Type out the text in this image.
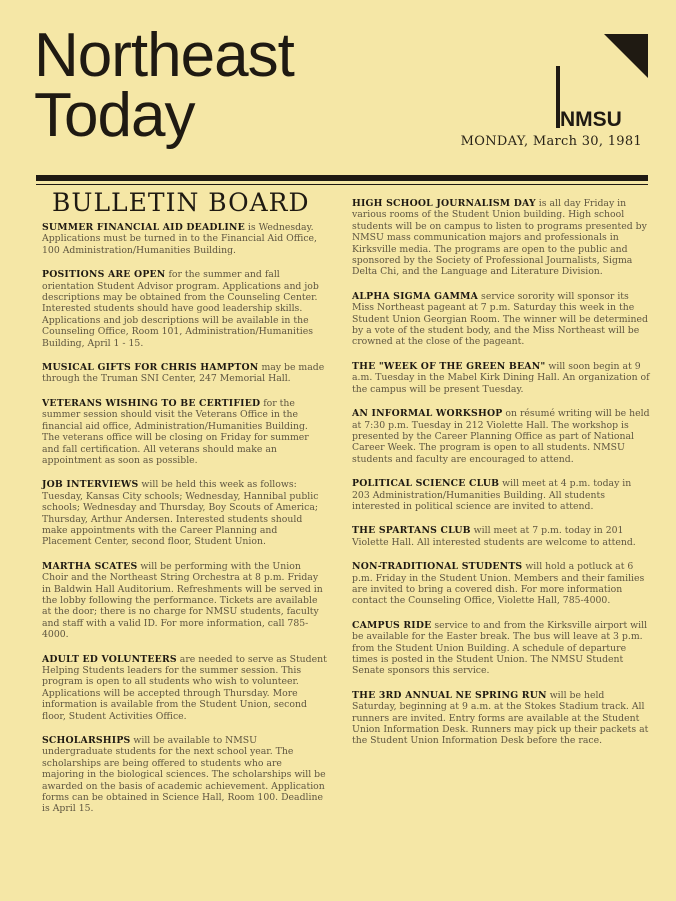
Northeast
Today	NMSU
MONDAY, March 30, 1981
BULLETIN BOARD

SUMMER FINANCIAL AID DEADLINE is Wednesday. Applications must be turned in to the Financial Aid Office, 100 Administration/Humanities Building.

POSITIONS ARE OPEN for the summer and fall orientation Student Advisor program. Applications and job descriptions may be obtained from the Counseling Center. Interested students should have good leadership skills. Applications and job descriptions will be available in the Counseling Office, Room 101, Administration/Humanities Building, April 1 - 15.

MUSICAL GIFTS FOR CHRIS HAMPTON may be made through the Truman SNI Center, 247 Memorial Hall.

VETERANS WISHING TO BE CERTIFIED for the summer session should visit the Veterans Office in the financial aid office, Administration/Humanities Building. The veterans office will be closing on Friday for summer and fall certification. All veterans should make an appointment as soon as possible.

JOB INTERVIEWS will be held this week as follows: Tuesday, Kansas City schools; Wednesday, Hannibal public schools; Wednesday and Thursday, Boy Scouts of America; Thursday, Arthur Andersen. Interested students should make appointments with the Career Planning and Placement Center, second floor, Student Union.

MARTHA SCATES will be performing with the Union Choir and the Northeast String Orchestra at 8 p.m. Friday in Baldwin Hall Auditorium. Refreshments will be served in the lobby following the performance. Tickets are available at the door; there is no charge for NMSU students, faculty and staff with a valid ID. For more information, call 785-4000.

ADULT ED VOLUNTEERS are needed to serve as Student Helping Students leaders for the summer session. This program is open to all students who wish to volunteer. Applications will be accepted through Thursday. More information is available from the Student Union, second floor, Student Activities Office.

SCHOLARSHIPS will be available to NMSU undergraduate students for the next school year. The scholarships are being offered to students who are majoring in the biological sciences. The scholarships will be awarded on the basis of academic achievement. Application forms can be obtained in Science Hall, Room 100. Deadline is April 15.

HIGH SCHOOL JOURNALISM DAY is all day Friday in various rooms of the Student Union building. High school students will be on campus to listen to programs presented by NMSU mass communication majors and professionals in Kirksville media. The programs are open to the public and sponsored by the Society of Professional Journalists, Sigma Delta Chi, and the Language and Literature Division.

ALPHA SIGMA GAMMA service sorority will sponsor its Miss Northeast pageant at 7 p.m. Saturday this week in the Student Union Georgian Room. The winner will be determined by a vote of the student body, and the Miss Northeast will be crowned at the close of the pageant.

THE "WEEK OF THE GREEN BEAN" will soon begin at 9 a.m. Tuesday in the Mabel Kirk Dining Hall. An organization of the campus will be present Tuesday.

AN INFORMAL WORKSHOP on résumé writing will be held at 7:30 p.m. Tuesday in 212 Violette Hall. The workshop is presented by the Career Planning Office as part of National Career Week. The program is open to all students. NMSU students and faculty are encouraged to attend.

POLITICAL SCIENCE CLUB will meet at 4 p.m. today in 203 Administration/Humanities Building. All students interested in political science are invited to attend.

THE SPARTANS CLUB will meet at 7 p.m. today in 201 Violette Hall. All interested students are welcome to attend.

NON-TRADITIONAL STUDENTS will hold a potluck at 6 p.m. Friday in the Student Union. Members and their families are invited to bring a covered dish. For more information contact the Counseling Office, Violette Hall, 785-4000.

CAMPUS RIDE service to and from the Kirksville airport will be available for the Easter break. The bus will leave at 3 p.m. from the Student Union Building. A schedule of departure times is posted in the Student Union. The NMSU Student Senate sponsors this service.

THE 3RD ANNUAL NE SPRING RUN will be held Saturday, beginning at 9 a.m. at the Stokes Stadium track. All runners are invited. Entry forms are available at the Student Union Information Desk. Runners may pick up their packets at the Student Union Information Desk before the race.
